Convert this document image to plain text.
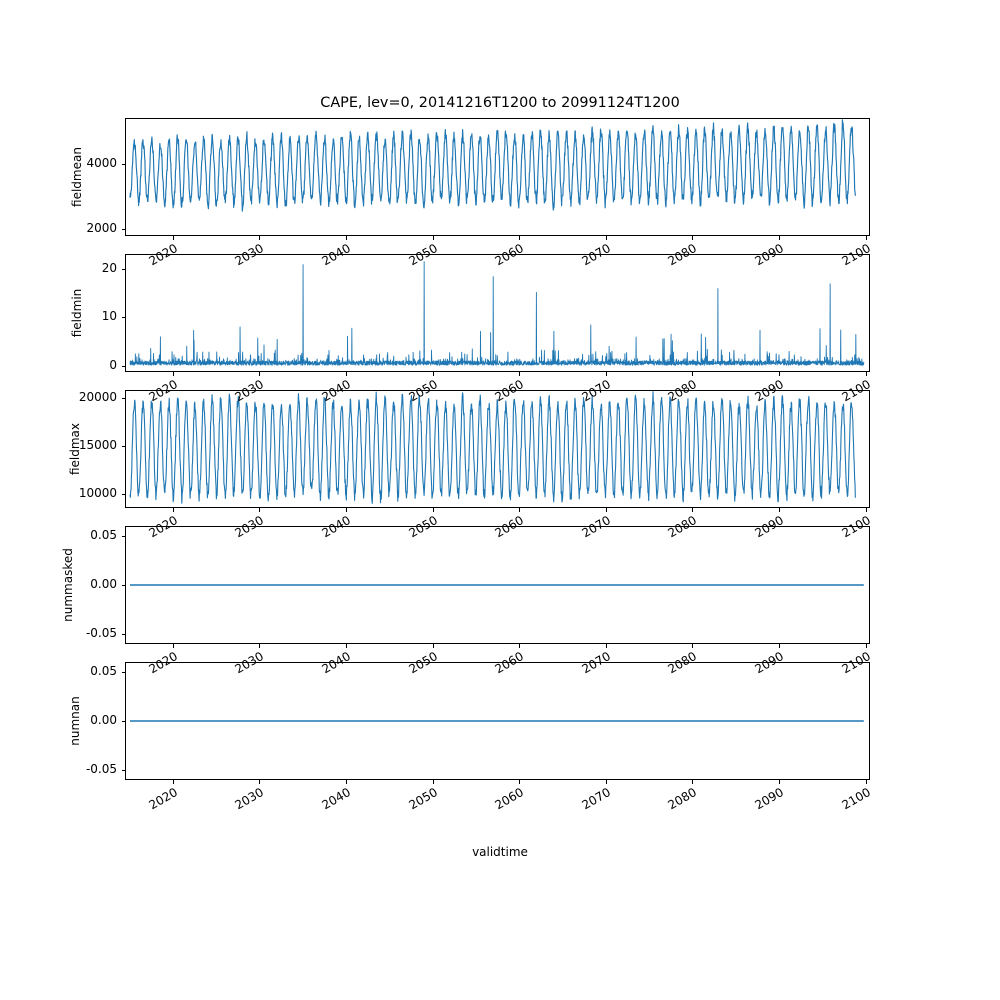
CAPE, lev=0, 20141216T1200 to 20991124T1200
fieldmean
fieldmin
fieldmax
nummasked
numnan
validtime
2000
4000
2020	2030	2040	2050	2060	2070	2080	2090	2100
0
10
20
2020	2030	2040	2050	2060	2070	2080	2090	2100
10000
15000
20000
2020	2030	2040	2050	2060	2070	2080	2090	2100
-0.05
0.00
0.05
2020	2030	2040	2050	2060	2070	2080	2090	2100
-0.05
0.00
0.05
2020	2030	2040	2050	2060	2070	2080	2090	2100
